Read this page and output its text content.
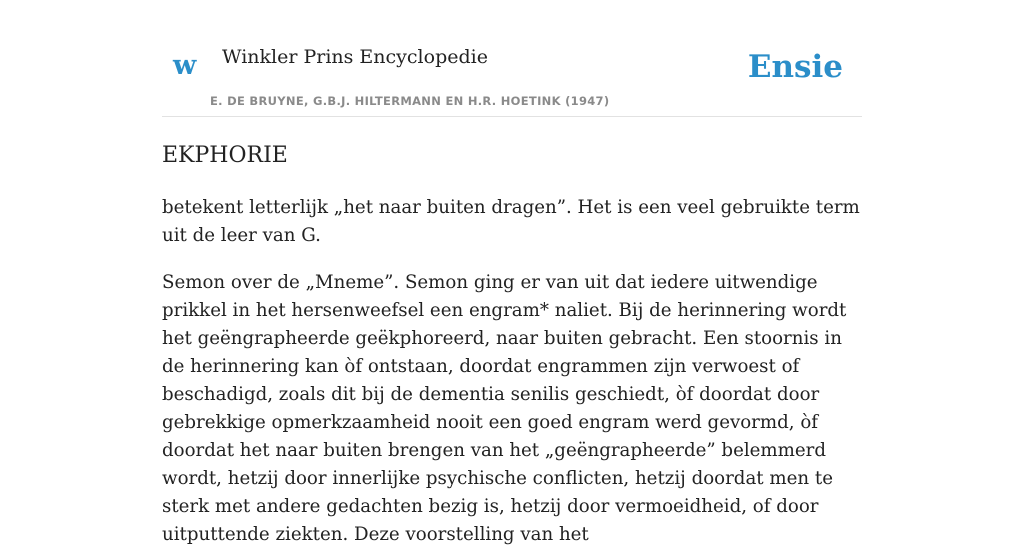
w Winkler Prins Encyclopedie
E. DE BRUYNE, G.B.J. HILTERMANN EN H.R. HOETINK (1947)
Ensie
EKPHORIE

betekent letterlijk „het naar buiten dragen”. Het is een veel gebruikte term uit de leer van G.

Semon over de „Mneme”. Semon ging er van uit dat iedere uitwendige prikkel in het hersenweefsel een engram* naliet. Bij de herinnering wordt het geëngrapheerde geëkphoreerd, naar buiten gebracht. Een stoornis in de herinnering kan òf ontstaan, doordat engrammen zijn verwoest of beschadigd, zoals dit bij de dementia senilis geschiedt, òf doordat door gebrekkige opmerkzaamheid nooit een goed engram werd gevormd, òf doordat het naar buiten brengen van het „geëngrapheerde” belemmerd wordt, hetzij door innerlijke psychische conflicten, hetzij doordat men te sterk met andere gedachten bezig is, hetzij door vermoeidheid, of door uitputtende ziekten. Deze voorstelling van het
